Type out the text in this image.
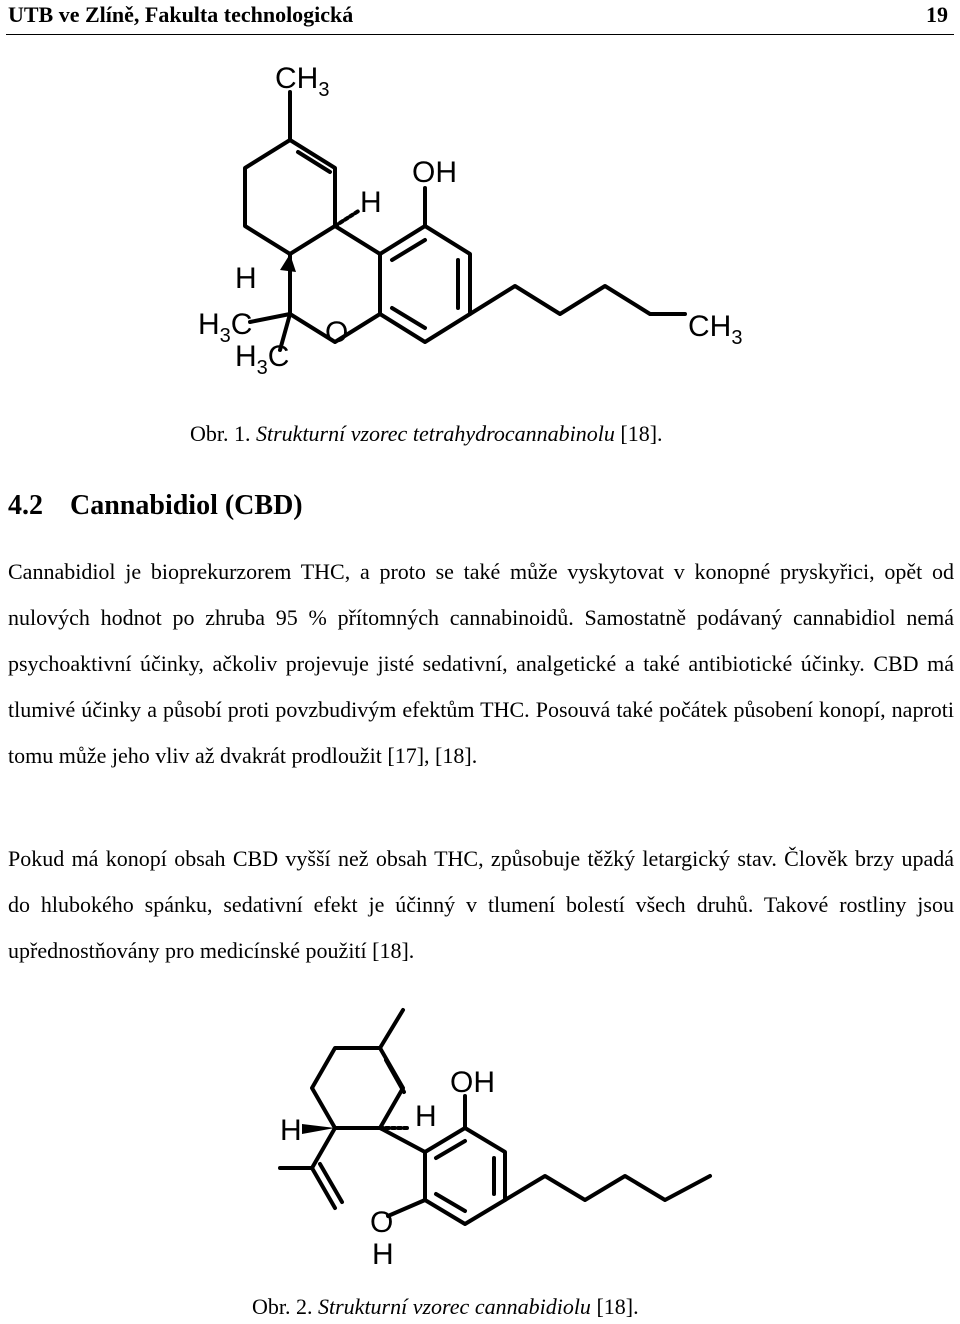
UTB ve Zlíně, Fakulta technologická	19
$CH_3$
OH
H
H
$H_3C$
$H_3C$
O	$CH_3$
Obr. 1. Strukturní vzorec tetrahydrocannabinolu [18].
4.2 Cannabidiol (CBD)

Cannabidiol je bioprekurzorem THC, a proto se také může vyskytovat v konopné pryskyřici, opět od nulových hodnot po zhruba 95 % přítomných cannabinoidů. Samostatně podávaný cannabidiol nemá psychoaktivní účinky, ačkoliv projevuje jisté sedativní, analgetické a také antibiotické účinky. CBD má tlumivé účinky a působí proti povzbudivým efektům THC. Posouvá také počátek působení konopí, naproti tomu může jeho vliv až dvakrát prodloužit [17], [18].

Pokud má konopí obsah CBD vyšší než obsah THC, způsobuje těžký letargický stav. Člověk brzy upadá do hlubokého spánku, sedativní efekt je účinný v tlumení bolestí všech druhů. Takové rostliny jsou upřednostňovány pro medicínské použití [18].

OH
H	H
O
H
Obr. 2. Strukturní vzorec cannabidiolu [18].
